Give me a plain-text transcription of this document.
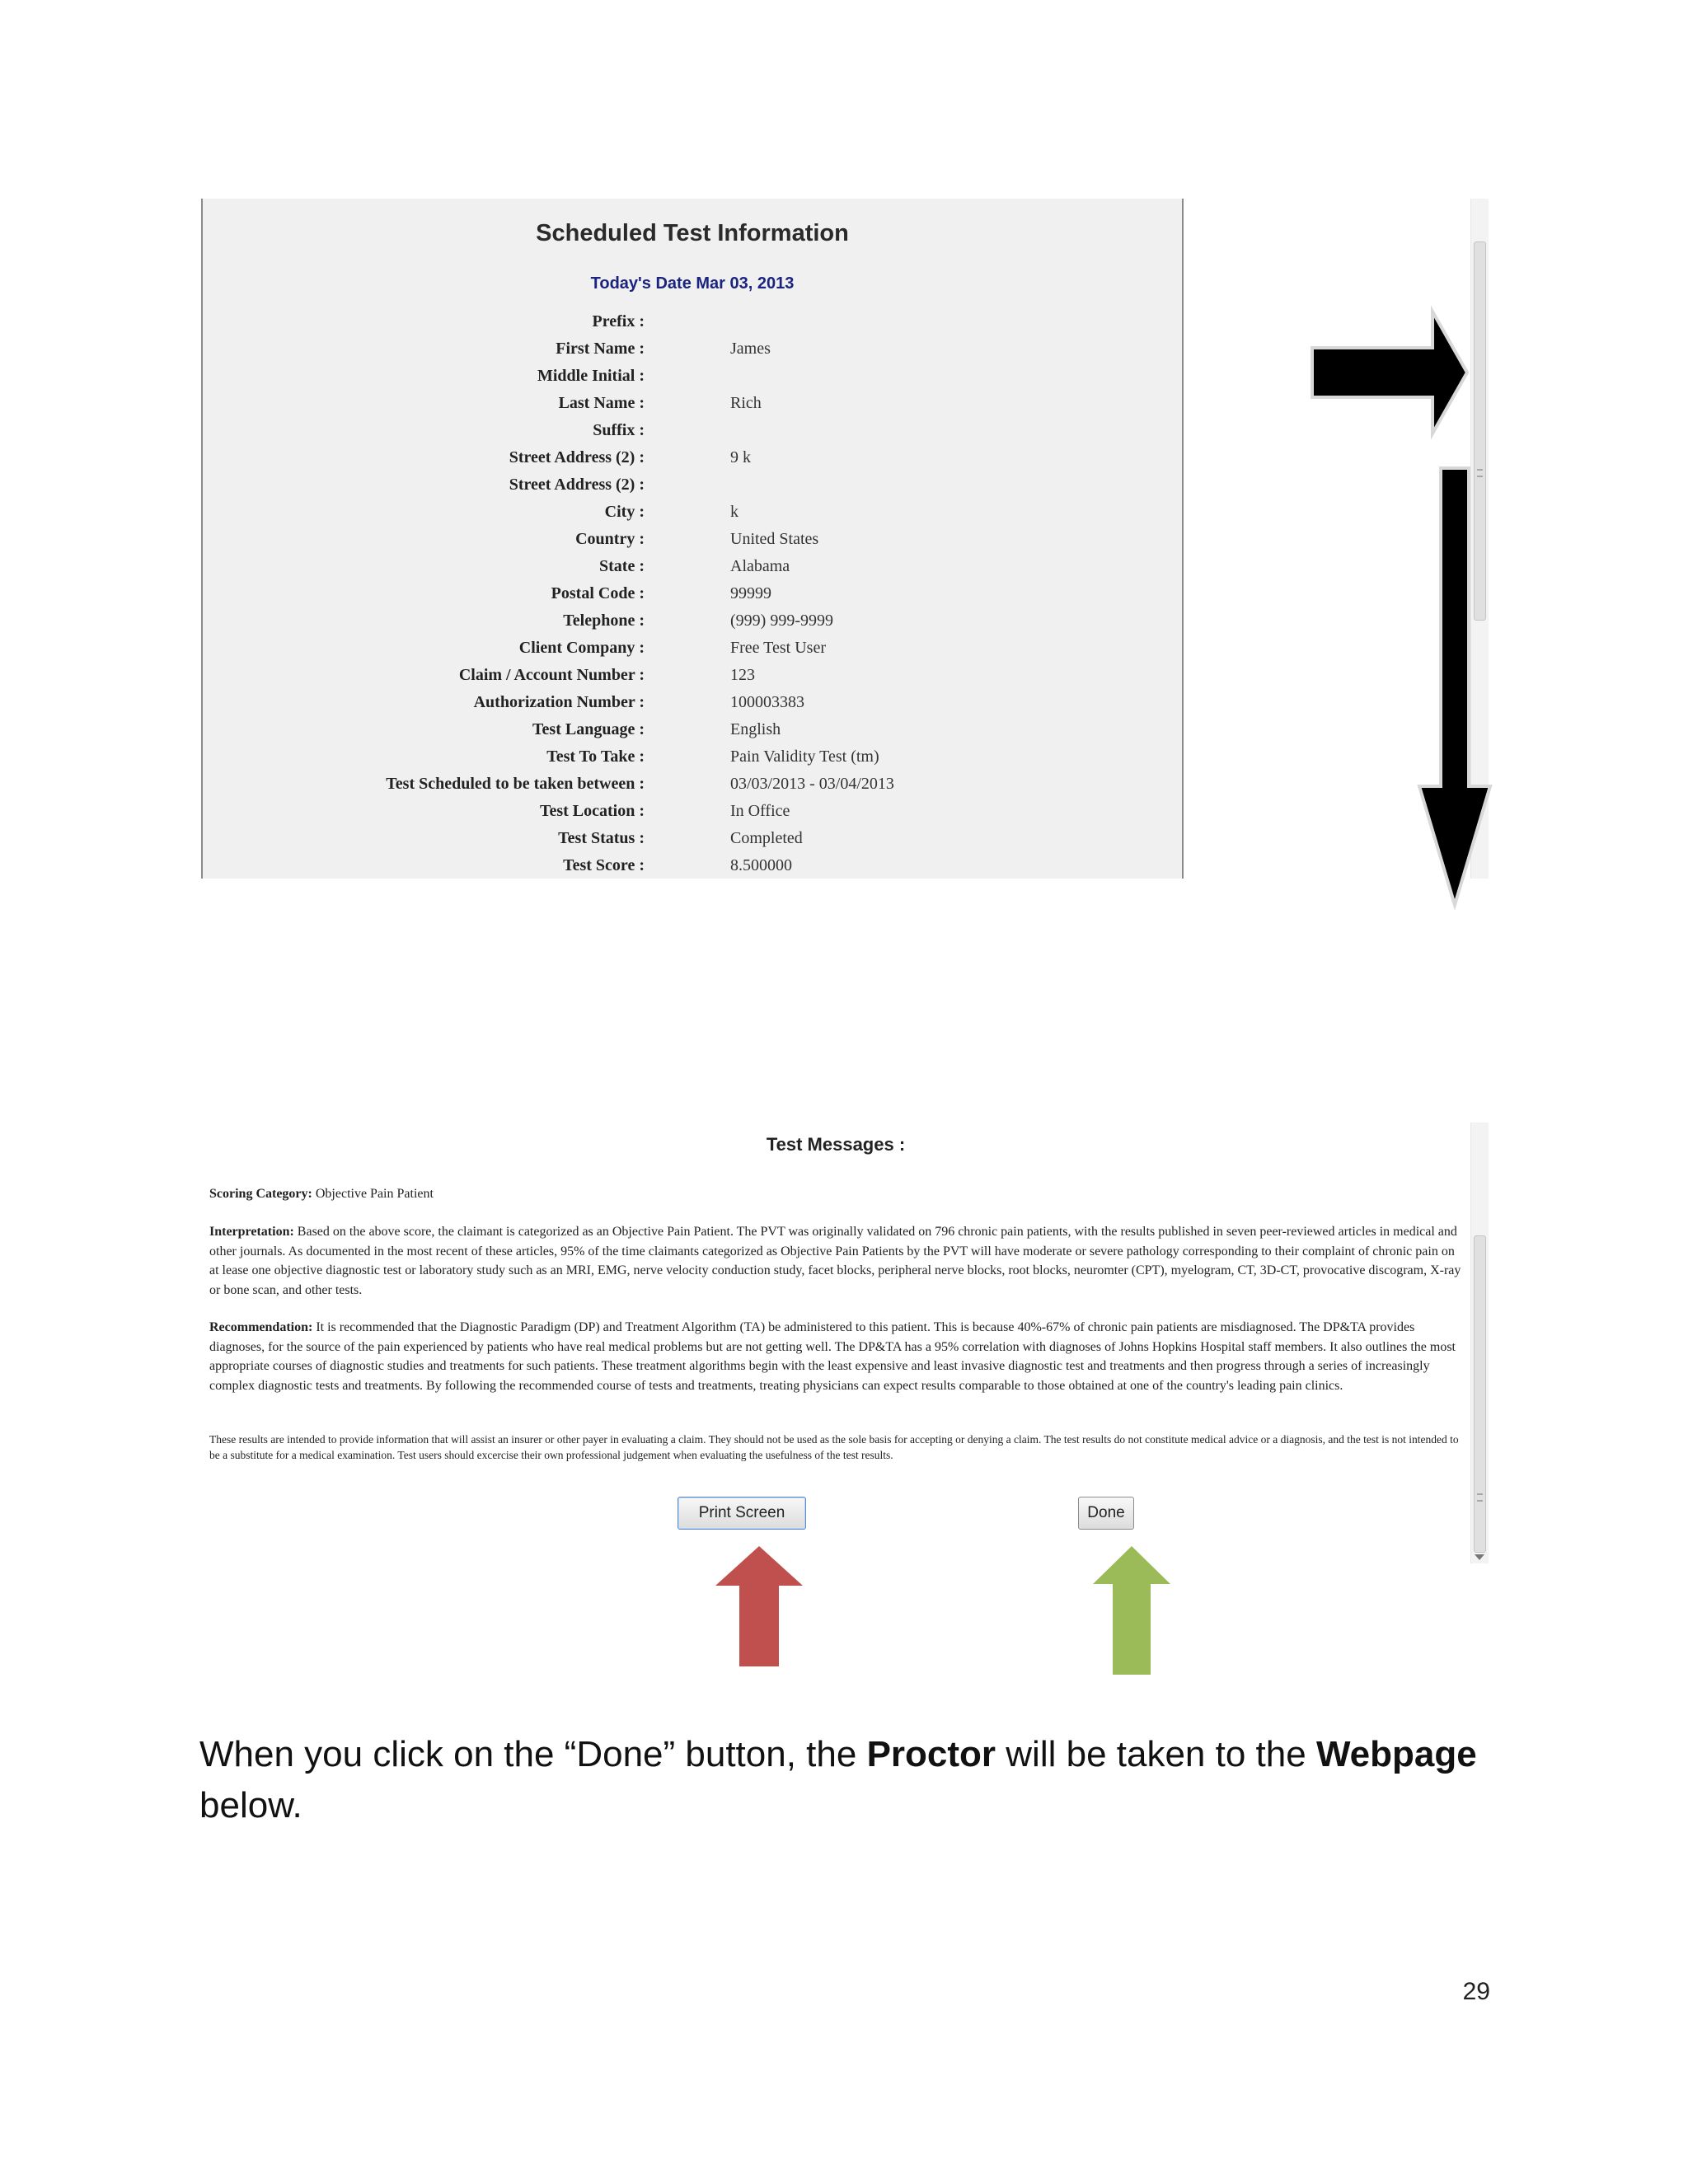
Scheduled Test Information
Today's Date Mar 03, 2013
Prefix :
First Name :	James
Middle Initial :
Last Name :	Rich
Suffix :
Street Address (2) :	9 k
Street Address (2) :
City :	k
Country :	United States
State :	Alabama
Postal Code :	99999
Telephone :	(999) 999-9999
Client Company :	Free Test User
Claim / Account Number :	123
Authorization Number :	100003383
Test Language :	English
Test To Take :	Pain Validity Test (tm)
Test Scheduled to be taken between :	03/03/2013 - 03/04/2013
Test Location :	In Office
Test Status :	Completed
Test Score :	8.500000
Test Messages :
Scoring Category: Objective Pain Patient
Interpretation: Based on the above score, the claimant is categorized as an Objective Pain Patient. The PVT was originally validated on 796 chronic pain patients, with the results published in seven peer-reviewed articles in medical and other journals. As documented in the most recent of these articles, 95% of the time claimants categorized as Objective Pain Patients by the PVT will have moderate or severe pathology corresponding to their complaint of chronic pain on at lease one objective diagnostic test or laboratory study such as an MRI, EMG, nerve velocity conduction study, facet blocks, peripheral nerve blocks, root blocks, neuromter (CPT), myelogram, CT, 3D-CT, provocative discogram, X-ray or bone scan, and other tests.
Recommendation: It is recommended that the Diagnostic Paradigm (DP) and Treatment Algorithm (TA) be administered to this patient. This is because 40%-67% of chronic pain patients are misdiagnosed. The DP&TA provides diagnoses, for the source of the pain experienced by patients who have real medical problems but are not getting well. The DP&TA has a 95% correlation with diagnoses of Johns Hopkins Hospital staff members. It also outlines the most appropriate courses of diagnostic studies and treatments for such patients. These treatment algorithms begin with the least expensive and least invasive diagnostic test and treatments and then progress through a series of increasingly complex diagnostic tests and treatments. By following the recommended course of tests and treatments, treating physicians can expect results comparable to those obtained at one of the country's leading pain clinics.
These results are intended to provide information that will assist an insurer or other payer in evaluating a claim. They should not be used as the sole basis for accepting or denying a claim. The test results do not constitute medical advice or a diagnosis, and the test is not intended to be a substitute for a medical examination. Test users should excercise their own professional judgement when evaluating the usefulness of the test results.
Print Screen	Done
When you click on the “Done” button, the Proctor will be taken to the Webpage below.
29
